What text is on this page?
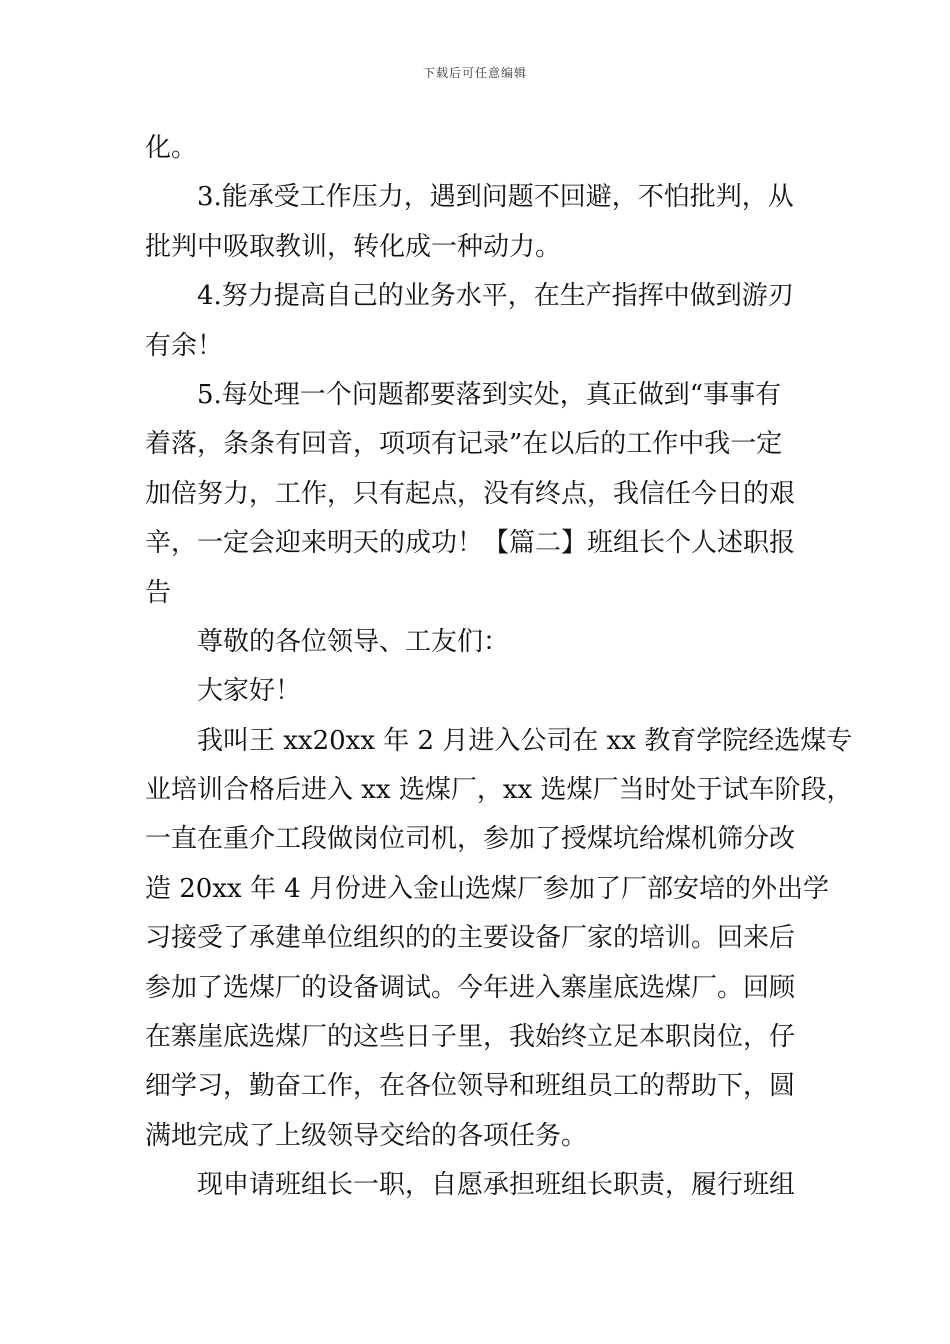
下载后可任意编辑
化。
3.能承受工作压力，遇到问题不回避，不怕批判，从
批判中吸取教训，转化成一种动力。
4.努力提高自己的业务水平，在生产指挥中做到游刃
有余！
5.每处理一个问题都要落到实处，真正做到“事事有
着落，条条有回音，项项有记录”在以后的工作中我一定
加倍努力，工作，只有起点，没有终点，我信任今日的艰
辛，一定会迎来明天的成功！【篇二】班组长个人述职报
告
尊敬的各位领导、工友们：
大家好！
我叫王 xx20xx 年 2 月进入公司在 xx 教育学院经选煤专
业培训合格后进入 xx 选煤厂，xx 选煤厂当时处于试车阶段，
一直在重介工段做岗位司机，参加了授煤坑给煤机筛分改
造 20xx 年 4 月份进入金山选煤厂参加了厂部安培的外出学
习接受了承建单位组织的的主要设备厂家的培训。回来后
参加了选煤厂的设备调试。今年进入寨崖底选煤厂。回顾
在寨崖底选煤厂的这些日子里，我始终立足本职岗位，仔
细学习，勤奋工作，在各位领导和班组员工的帮助下，圆
满地完成了上级领导交给的各项任务。
现申请班组长一职，自愿承担班组长职责，履行班组
